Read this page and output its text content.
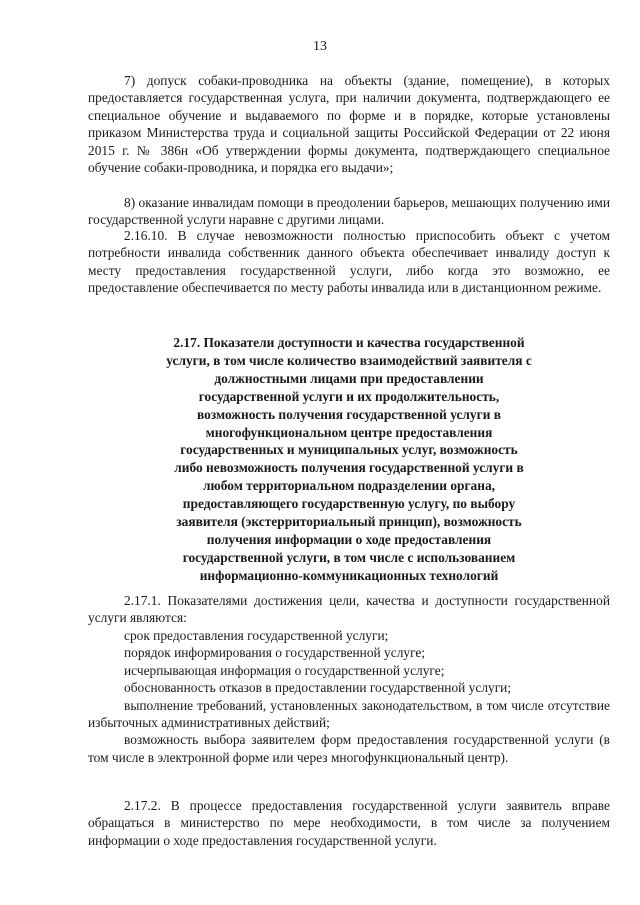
13

7) допуск собаки-проводника на объекты (здание, помещение), в которых предоставляется государственная услуга, при наличии документа, подтверждающего ее специальное обучение и выдаваемого по форме и в порядке, которые установлены приказом Министерства труда и социальной защиты Российской Федерации от 22 июня 2015 г. № 386н «Об утверждении формы документа, подтверждающего специальное обучение собаки-проводника, и порядка его выдачи»;

8) оказание инвалидам помощи в преодолении барьеров, мешающих получению ими государственной услуги наравне с другими лицами.

2.16.10. В случае невозможности полностью приспособить объект с учетом потребности инвалида собственник данного объекта обеспечивает инвалиду доступ к месту предоставления государственной услуги, либо когда это возможно, ее предоставление обеспечивается по месту работы инвалида или в дистанционном режиме.

2.17. Показатели доступности и качества государственной
услуги, в том числе количество взаимодействий заявителя с
должностными лицами при предоставлении
государственной услуги и их продолжительность,
возможность получения государственной услуги в
многофункциональном центре предоставления
государственных и муниципальных услуг, возможность
либо невозможность получения государственной услуги в
любом территориальном подразделении органа,
предоставляющего государственную услугу, по выбору
заявителя (экстерриториальный принцип), возможность
получения информации о ходе предоставления
государственной услуги, в том числе с использованием
информационно-коммуникационных технологий

2.17.1. Показателями достижения цели, качества и доступности государственной услуги являются:

срок предоставления государственной услуги;
порядок информирования о государственной услуге;
исчерпывающая информация о государственной услуге;
обоснованность отказов в предоставлении государственной услуги;
выполнение требований, установленных законодательством, в том числе отсутствие избыточных административных действий;
возможность выбора заявителем форм предоставления государственной услуги (в том числе в электронной форме или через многофункциональный центр).

2.17.2. В процессе предоставления государственной услуги заявитель вправе обращаться в министерство по мере необходимости, в том числе за получением информации о ходе предоставления государственной услуги.
